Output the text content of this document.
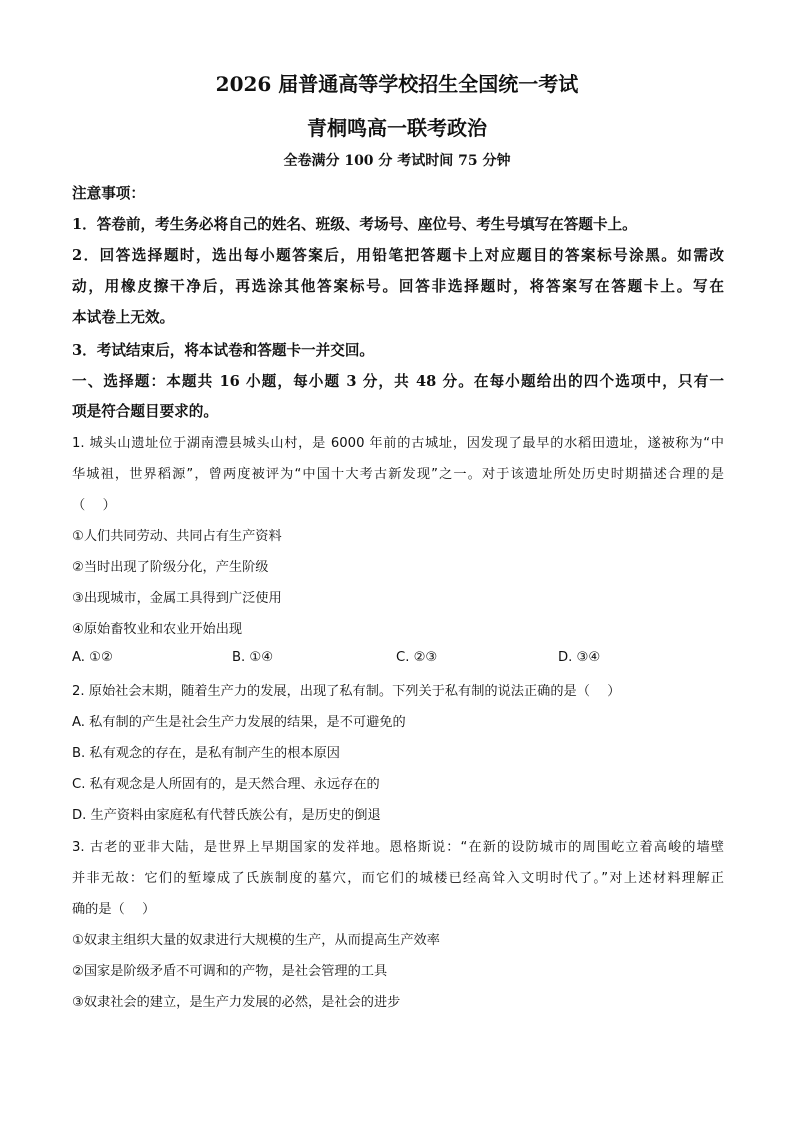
2026 届普通高等学校招生全国统一考试
青桐鸣高一联考政治
全卷满分 100 分 考试时间 75 分钟
注意事项：
1．答卷前，考生务必将自己的姓名、班级、考场号、座位号、考生号填写在答题卡上。
2．回答选择题时，选出每小题答案后，用铅笔把答题卡上对应题目的答案标号涂黑。如需改
动，用橡皮擦干净后，再选涂其他答案标号。回答非选择题时，将答案写在答题卡上。写在
本试卷上无效。
3．考试结束后，将本试卷和答题卡一并交回。
一、选择题：本题共 16 小题，每小题 3 分，共 48 分。在每小题给出的四个选项中，只有一
项是符合题目要求的。
1. 城头山遗址位于湖南澧县城头山村，是 6000 年前的古城址，因发现了最早的水稻田遗址，遂被称为“中
华城祖，世界稻源”，曾两度被评为“中国十大考古新发现”之一。对于该遗址所处历史时期描述合理的是
（　 ）
①人们共同劳动、共同占有生产资料
②当时出现了阶级分化，产生阶级
③出现城市，金属工具得到广泛使用
④原始畜牧业和农业开始出现
A. ①②	B. ①④	C. ②③	D. ③④
2. 原始社会末期，随着生产力的发展，出现了私有制。下列关于私有制的说法正确的是（　 ）
A. 私有制的产生是社会生产力发展的结果，是不可避免的
B. 私有观念的存在，是私有制产生的根本原因
C. 私有观念是人所固有的，是天然合理、永远存在的
D. 生产资料由家庭私有代替氏族公有，是历史的倒退
3. 古老的亚非大陆，是世界上早期国家的发祥地。恩格斯说：“在新的设防城市的周围屹立着高峻的墙壁
并非无故：它们的堑壕成了氏族制度的墓穴，而它们的城楼已经高耸入文明时代了。”对上述材料理解正
确的是（　 ）
①奴隶主组织大量的奴隶进行大规模的生产，从而提高生产效率
②国家是阶级矛盾不可调和的产物，是社会管理的工具
③奴隶社会的建立，是生产力发展的必然，是社会的进步
